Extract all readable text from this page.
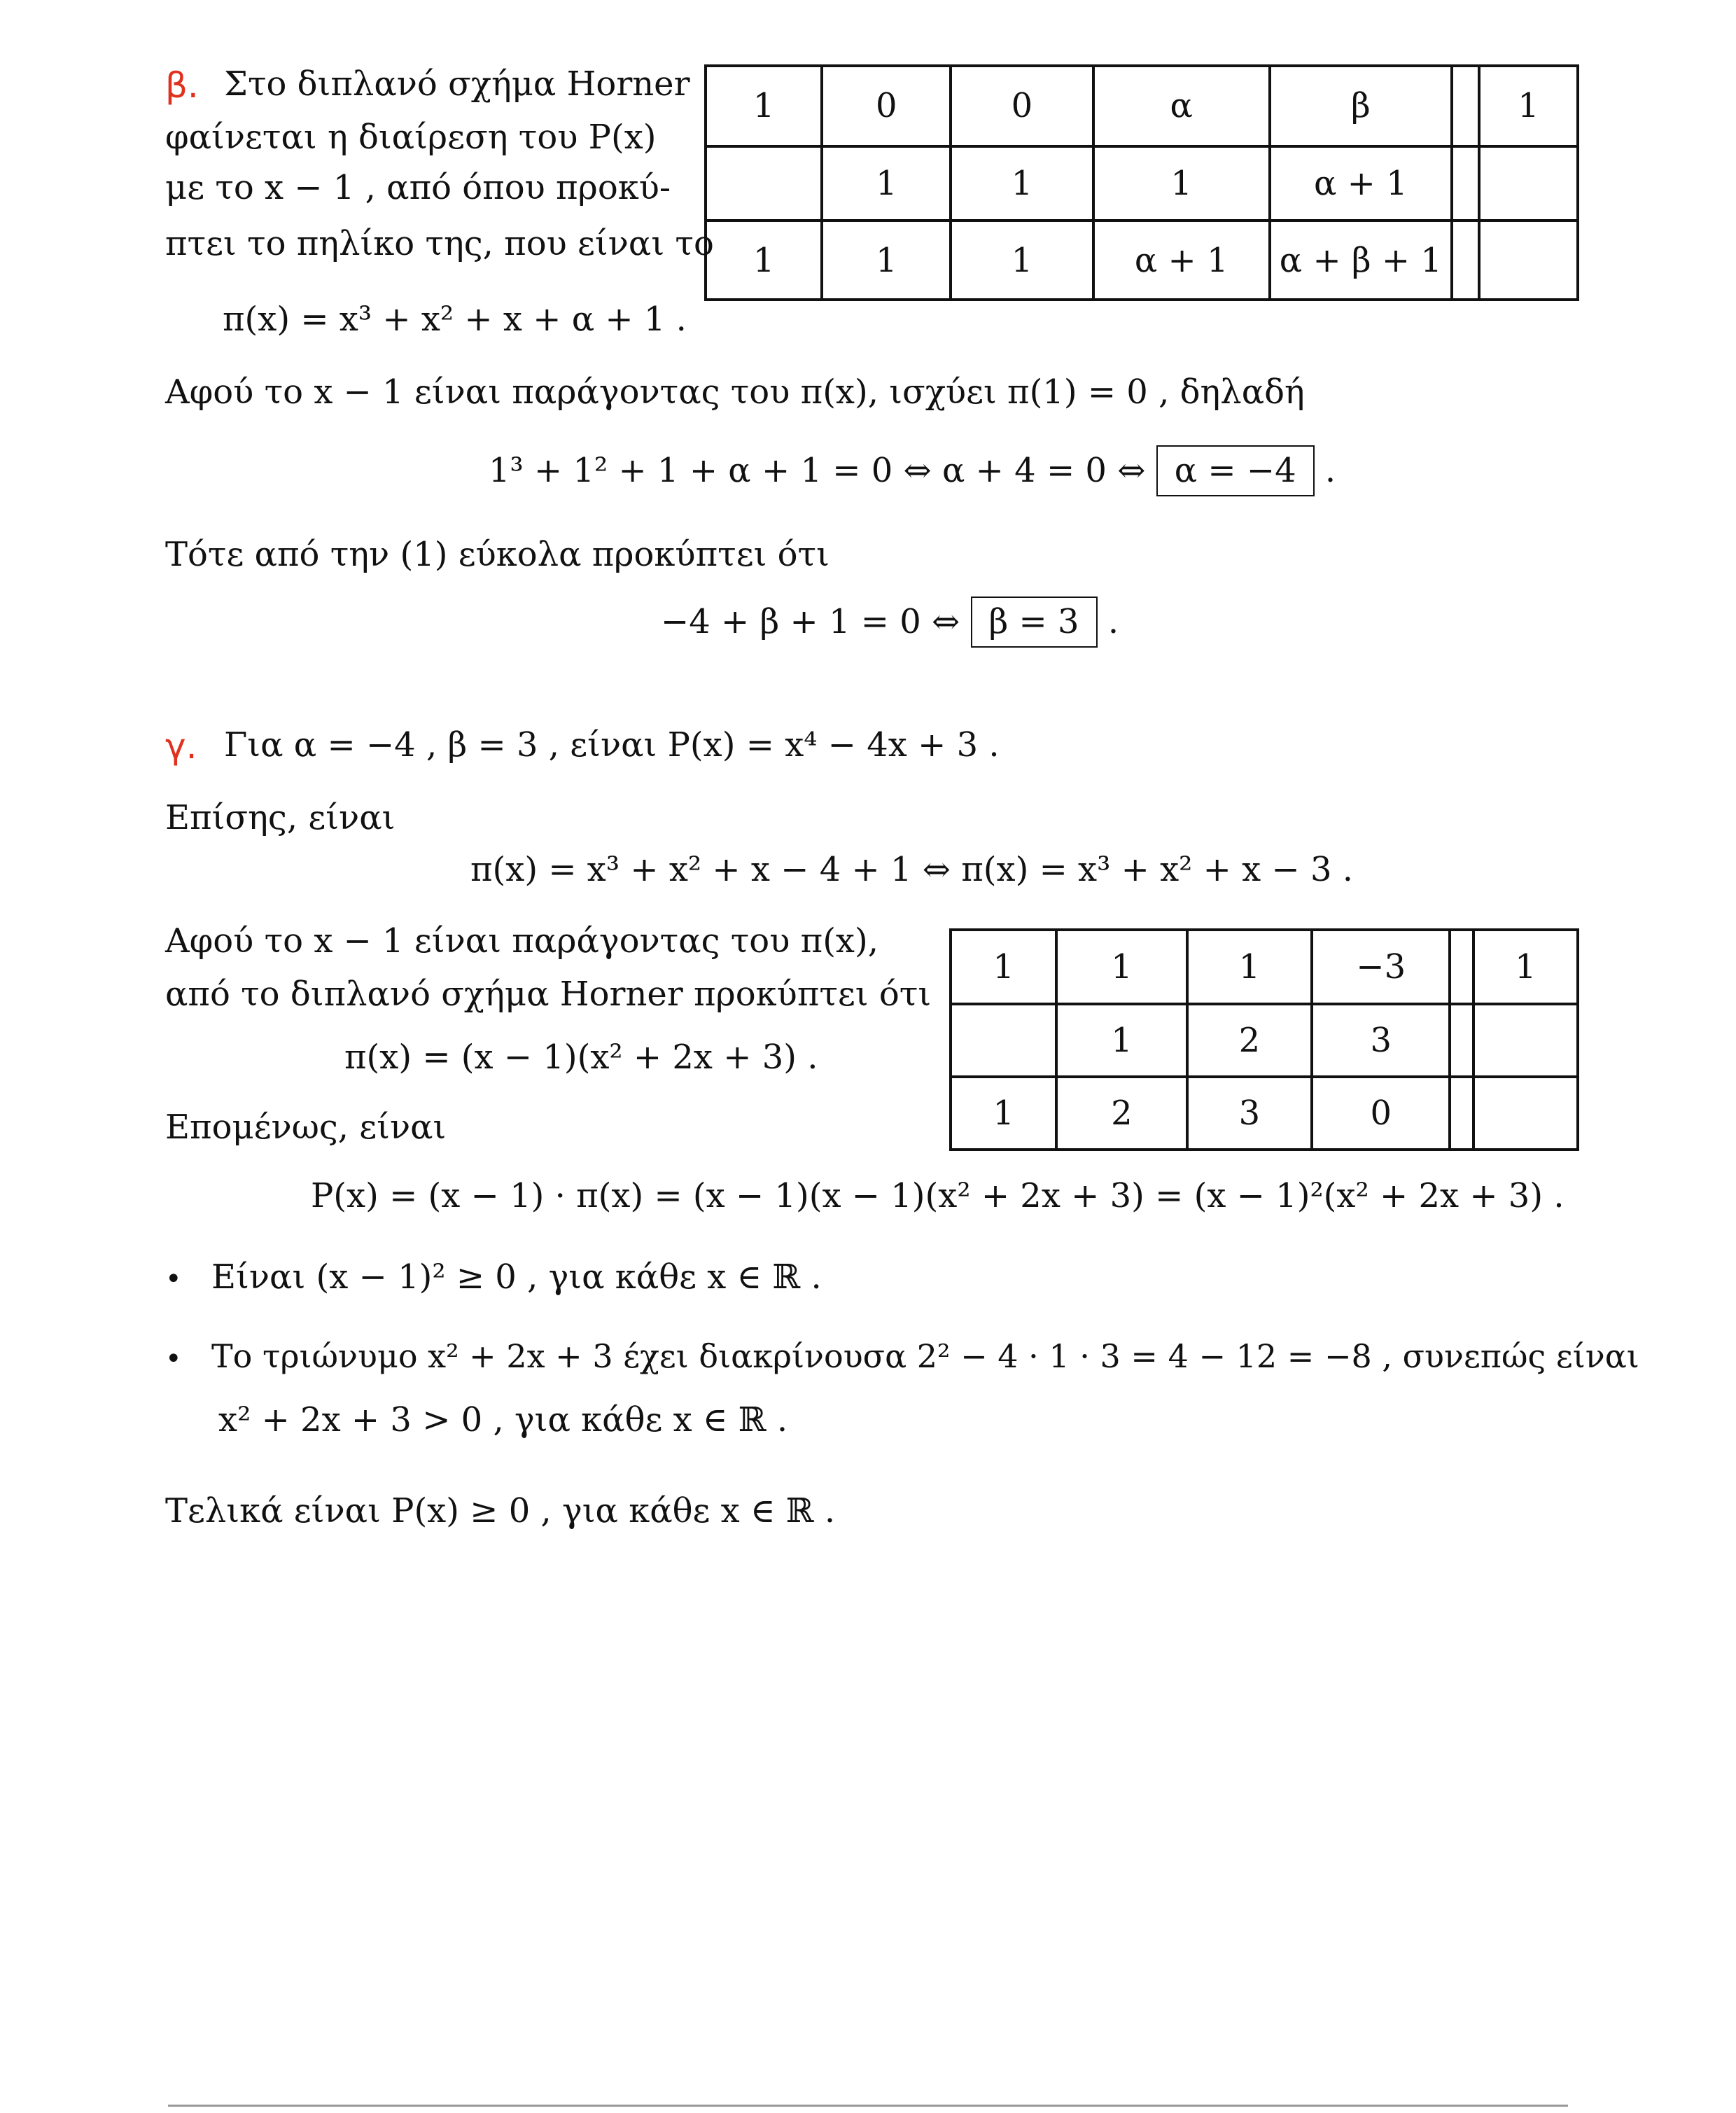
β. Στο διπλανό σχήμα Horner
φαίνεται η διαίρεση του P(x)
με το x − 1 , από όπου προκύ-
πτει το πηλίκο της, που είναι το
π(x) = x³ + x² + x + α + 1 .
1	0	0	α	β		1
	1	1	1	α + 1		
1	1	1	α + 1	α + β + 1		
Αφού το x − 1 είναι παράγοντας του π(x), ισχύει π(1) = 0 , δηλαδή
1³ + 1² + 1 + α + 1 = 0 ⇔ α + 4 = 0 ⇔ α = −4 .
Τότε από την (1) εύκολα προκύπτει ότι
−4 + β + 1 = 0 ⇔ β = 3 .
γ. Για α = −4 , β = 3 , είναι P(x) = x⁴ − 4x + 3 .
Επίσης, είναι
π(x) = x³ + x² + x − 4 + 1 ⇔ π(x) = x³ + x² + x − 3 .
Αφού το x − 1 είναι παράγοντας του π(x),
από το διπλανό σχήμα Horner προκύπτει ότι
π(x) = (x − 1)(x² + 2x + 3) .
1	1	1	−3		1
	1	2	3		
1	2	3	0		
Επομένως, είναι
P(x) = (x − 1) · π(x) = (x − 1)(x − 1)(x² + 2x + 3) = (x − 1)²(x² + 2x + 3) .
• Είναι (x − 1)² ≥ 0 , για κάθε x ∈ ℝ .
• Το τριώνυμο x² + 2x + 3 έχει διακρίνουσα 2² − 4 · 1 · 3 = 4 − 12 = −8 , συνεπώς είναι
x² + 2x + 3 > 0 , για κάθε x ∈ ℝ .
Τελικά είναι P(x) ≥ 0 , για κάθε x ∈ ℝ .
